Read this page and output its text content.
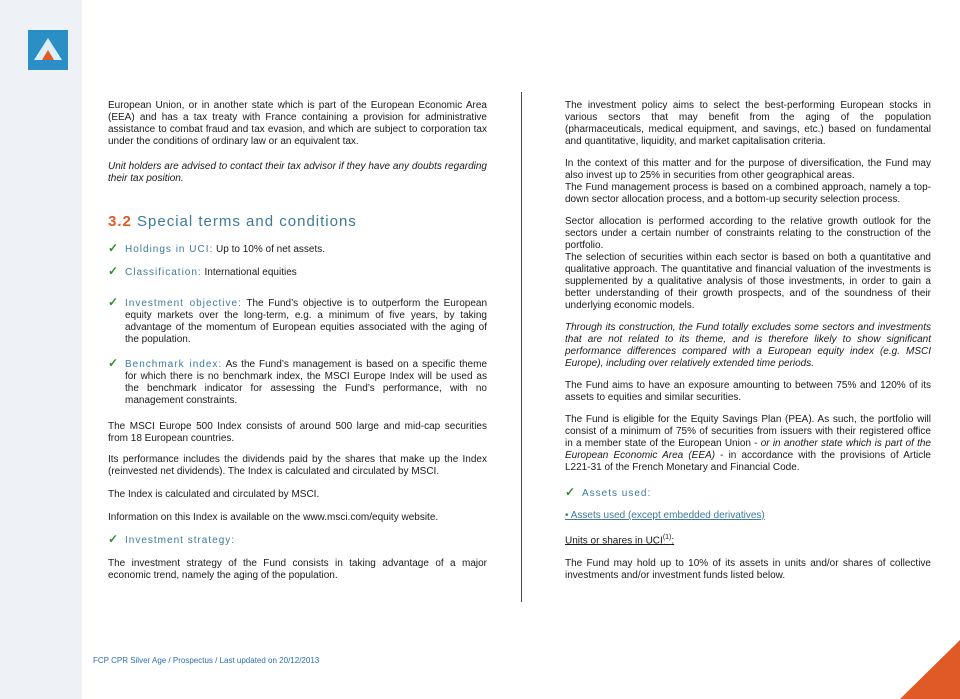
European Union, or in another state which is part of the European Economic Area (EEA) and has a tax treaty with France containing a provision for administrative assistance to combat fraud and tax evasion, and which are subject to corporation tax under the conditions of ordinary law or an equivalent tax.

Unit holders are advised to contact their tax advisor if they have any doubts regarding their tax position.

3.2 Special terms and conditions
✓ Holdings in UCI: Up to 10% of net assets.
✓ Classification: International equities
✓ Investment objective: The Fund’s objective is to outperform the European equity markets over the long-term, e.g. a minimum of five years, by taking advantage of the momentum of European equities associated with the aging of the population.
✓ Benchmark index: As the Fund’s management is based on a specific theme for which there is no benchmark index, the MSCI Europe Index will be used as the benchmark indicator for assessing the Fund’s performance, with no management constraints.

The MSCI Europe 500 Index consists of around 500 large and mid-cap securities from 18 European countries.

Its performance includes the dividends paid by the shares that make up the Index (reinvested net dividends). The Index is calculated and circulated by MSCI.

The Index is calculated and circulated by MSCI.

Information on this Index is available on the www.msci.com/equity website.

✓ Investment strategy:

The investment strategy of the Fund consists in taking advantage of a major economic trend, namely the aging of the population.

The investment policy aims to select the best-performing European stocks in various sectors that may benefit from the aging of the population (pharmaceuticals, medical equipment, and savings, etc.) based on fundamental and quantitative, liquidity, and market capitalisation criteria.

In the context of this matter and for the purpose of diversification, the Fund may also invest up to 25% in securities from other geographical areas.

The Fund management process is based on a combined approach, namely a top-down sector allocation process, and a bottom-up security selection process.

Sector allocation is performed according to the relative growth outlook for the sectors under a certain number of constraints relating to the construction of the portfolio.

The selection of securities within each sector is based on both a quantitative and qualitative approach. The quantitative and financial valuation of the investments is supplemented by a qualitative analysis of those investments, in order to gain a better understanding of their growth prospects, and of the soundness of their underlying economic models.

Through its construction, the Fund totally excludes some sectors and investments that are not related to its theme, and is therefore likely to show significant performance differences compared with a European equity index (e.g. MSCI Europe), including over relatively extended time periods.

The Fund aims to have an exposure amounting to between 75% and 120% of its assets to equities and similar securities.

The Fund is eligible for the Equity Savings Plan (PEA). As such, the portfolio will consist of a minimum of 75% of securities from issuers with their registered office in a member state of the European Union - or in another state which is part of the European Economic Area (EEA) - in accordance with the provisions of Article L221-31 of the French Monetary and Financial Code.

✓ Assets used:

• Assets used (except embedded derivatives)

Units or shares in UCI$^{(1)}$:

The Fund may hold up to 10% of its assets in units and/or shares of collective investments and/or investment funds listed below.

FCP CPR Silver Age / Prospectus / Last updated on 20/12/2013	5
